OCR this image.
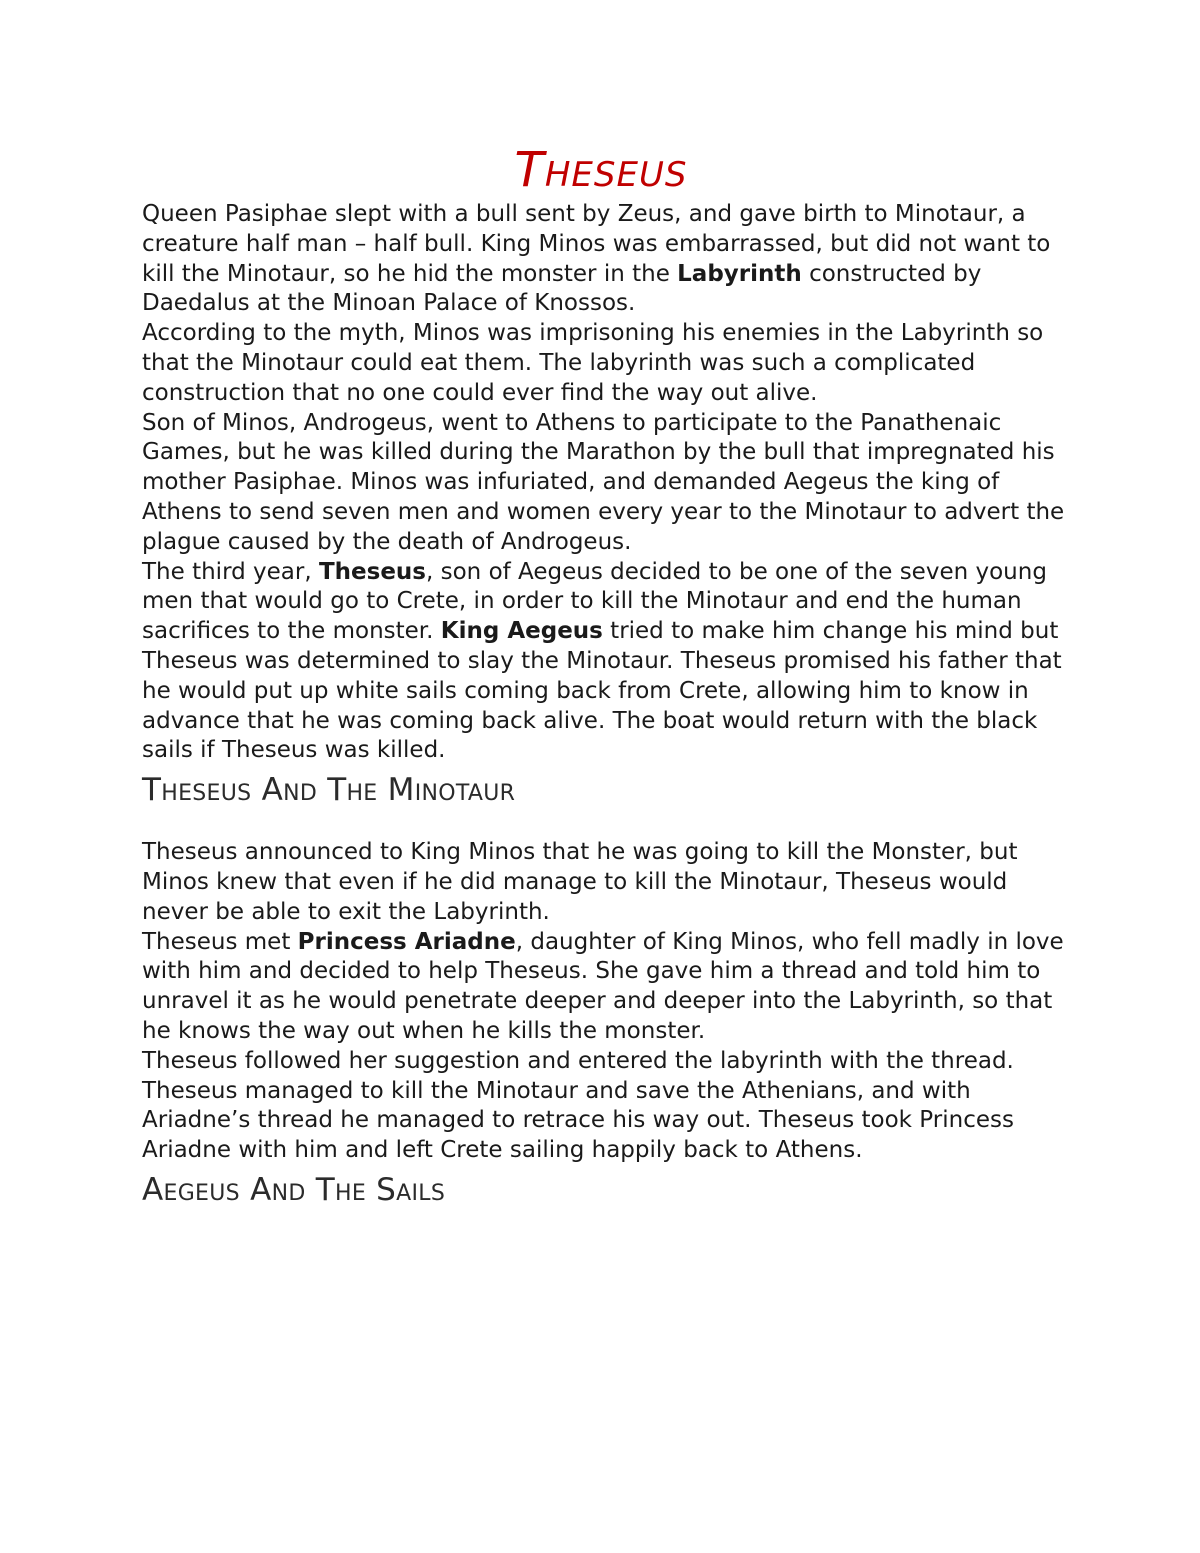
Theseus

Queen Pasiphae slept with a bull sent by Zeus, and gave birth to Minotaur, a creature half man – half bull. King Minos was embarrassed, but did not want to kill the Minotaur, so he hid the monster in the Labyrinth constructed by Daedalus at the Minoan Palace of Knossos.

According to the myth, Minos was imprisoning his enemies in the Labyrinth so that the Minotaur could eat them. The labyrinth was such a complicated construction that no one could ever find the way out alive.

Son of Minos, Androgeus, went to Athens to participate to the Panathenaic Games, but he was killed during the Marathon by the bull that impregnated his mother Pasiphae. Minos was infuriated, and demanded Aegeus the king of Athens to send seven men and women every year to the Minotaur to advert the plague caused by the death of Androgeus.

The third year, Theseus, son of Aegeus decided to be one of the seven young men that would go to Crete, in order to kill the Minotaur and end the human sacrifices to the monster. King Aegeus tried to make him change his mind but Theseus was determined to slay the Minotaur. Theseus promised his father that he would put up white sails coming back from Crete, allowing him to know in advance that he was coming back alive. The boat would return with the black sails if Theseus was killed.

Theseus And The Minotaur

Theseus announced to King Minos that he was going to kill the Monster, but Minos knew that even if he did manage to kill the Minotaur, Theseus would never be able to exit the Labyrinth.

Theseus met Princess Ariadne, daughter of King Minos, who fell madly in love with him and decided to help Theseus. She gave him a thread and told him to unravel it as he would penetrate deeper and deeper into the Labyrinth, so that he knows the way out when he kills the monster.

Theseus followed her suggestion and entered the labyrinth with the thread. Theseus managed to kill the Minotaur and save the Athenians, and with Ariadne’s thread he managed to retrace his way out. Theseus took Princess Ariadne with him and left Crete sailing happily back to Athens.

Aegeus And The Sails
